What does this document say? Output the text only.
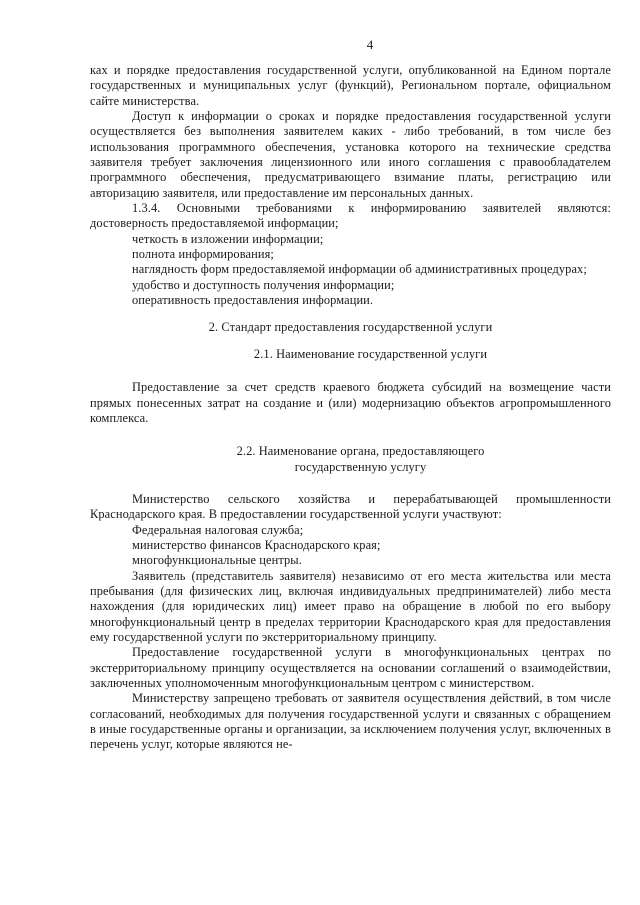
4

ках и порядке предоставления государственной услуги, опубликованной на Едином портале государственных и муниципальных услуг (функций), Региональном портале, официальном сайте министерства.

Доступ к информации о сроках и порядке предоставления государственной услуги осуществляется без выполнения заявителем каких - либо требований, в том числе без использования программного обеспечения, установка которого на технические средства заявителя требует заключения лицензионного или иного соглашения с правообладателем программного обеспечения, предусматривающего взимание платы, регистрацию или авторизацию заявителя, или предоставление им персональных данных.

1.3.4. Основными требованиями к информированию заявителей являются: достоверность предоставляемой информации;

четкость в изложении информации;

полнота информирования;

наглядность форм предоставляемой информации об административных процедурах;

удобство и доступность получения информации;

оперативность предоставления информации.

2. Стандарт предоставления государственной услуги

2.1. Наименование государственной услуги

Предоставление за счет средств краевого бюджета субсидий на возмещение части прямых понесенных затрат на создание и (или) модернизацию объектов агропромышленного комплекса.

2.2. Наименование органа, предоставляющего
государственную услугу

Министерство сельского хозяйства и перерабатывающей промышленности Краснодарского края. В предоставлении государственной услуги участвуют:

Федеральная налоговая служба;

министерство финансов Краснодарского края;

многофункциональные центры.

Заявитель (представитель заявителя) независимо от его места жительства или места пребывания (для физических лиц, включая индивидуальных предпринимателей) либо места нахождения (для юридических лиц) имеет право на обращение в любой по его выбору многофункциональный центр в пределах территории Краснодарского края для предоставления ему государственной услуги по экстерриториальному принципу.

Предоставление государственной услуги в многофункциональных центрах по экстерриториальному принципу осуществляется на основании соглашений о взаимодействии, заключенных уполномоченным многофункциональным центром с министерством.

Министерству запрещено требовать от заявителя осуществления действий, в том числе согласований, необходимых для получения государственной услуги и связанных с обращением в иные государственные органы и организации, за исключением получения услуг, включенных в перечень услуг, которые являются не-
